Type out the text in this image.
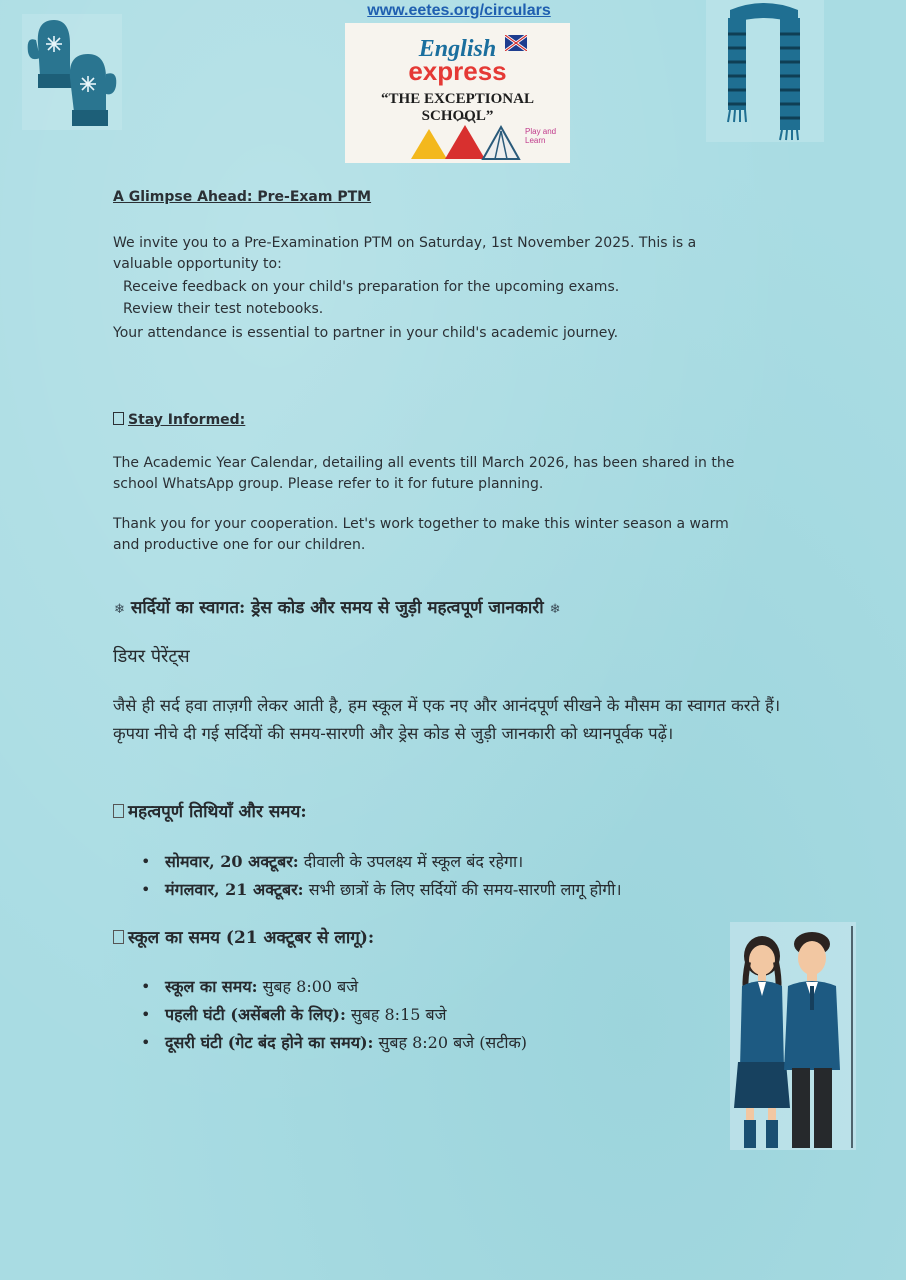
www.eetes.org/circulars
English
express
“THE EXCEPTIONAL SCHOOL”
Play and Learn
A Glimpse Ahead: Pre-Exam PTM
We invite you to a Pre-Examination PTM on Saturday, 1st November 2025. This is a valuable opportunity to:
Receive feedback on your child's preparation for the upcoming exams.
Review their test notebooks.
Your attendance is essential to partner in your child's academic journey.
Stay Informed:
The Academic Year Calendar, detailing all events till March 2026, has been shared in the school WhatsApp group. Please refer to it for future planning.
Thank you for your cooperation. Let's work together to make this winter season a warm and productive one for our children.
❄ सर्दियों का स्वागत: ड्रेस कोड और समय से जुड़ी महत्वपूर्ण जानकारी ❄
डियर पेरेंट्स
जैसे ही सर्द हवा ताज़गी लेकर आती है, हम स्कूल में एक नए और आनंदपूर्ण सीखने के मौसम का स्वागत करते हैं। कृपया नीचे दी गई सर्दियों की समय-सारणी और ड्रेस कोड से जुड़ी जानकारी को ध्यानपूर्वक पढ़ें।
महत्वपूर्ण तिथियाँ और समय:
• सोमवार, 20 अक्टूबर: दीवाली के उपलक्ष्य में स्कूल बंद रहेगा।
• मंगलवार, 21 अक्टूबर: सभी छात्रों के लिए सर्दियों की समय-सारणी लागू होगी।
स्कूल का समय (21 अक्टूबर से लागू):
• स्कूल का समय: सुबह 8:00 बजे
• पहली घंटी (असेंबली के लिए): सुबह 8:15 बजे
• दूसरी घंटी (गेट बंद होने का समय): सुबह 8:20 बजे (सटीक)
